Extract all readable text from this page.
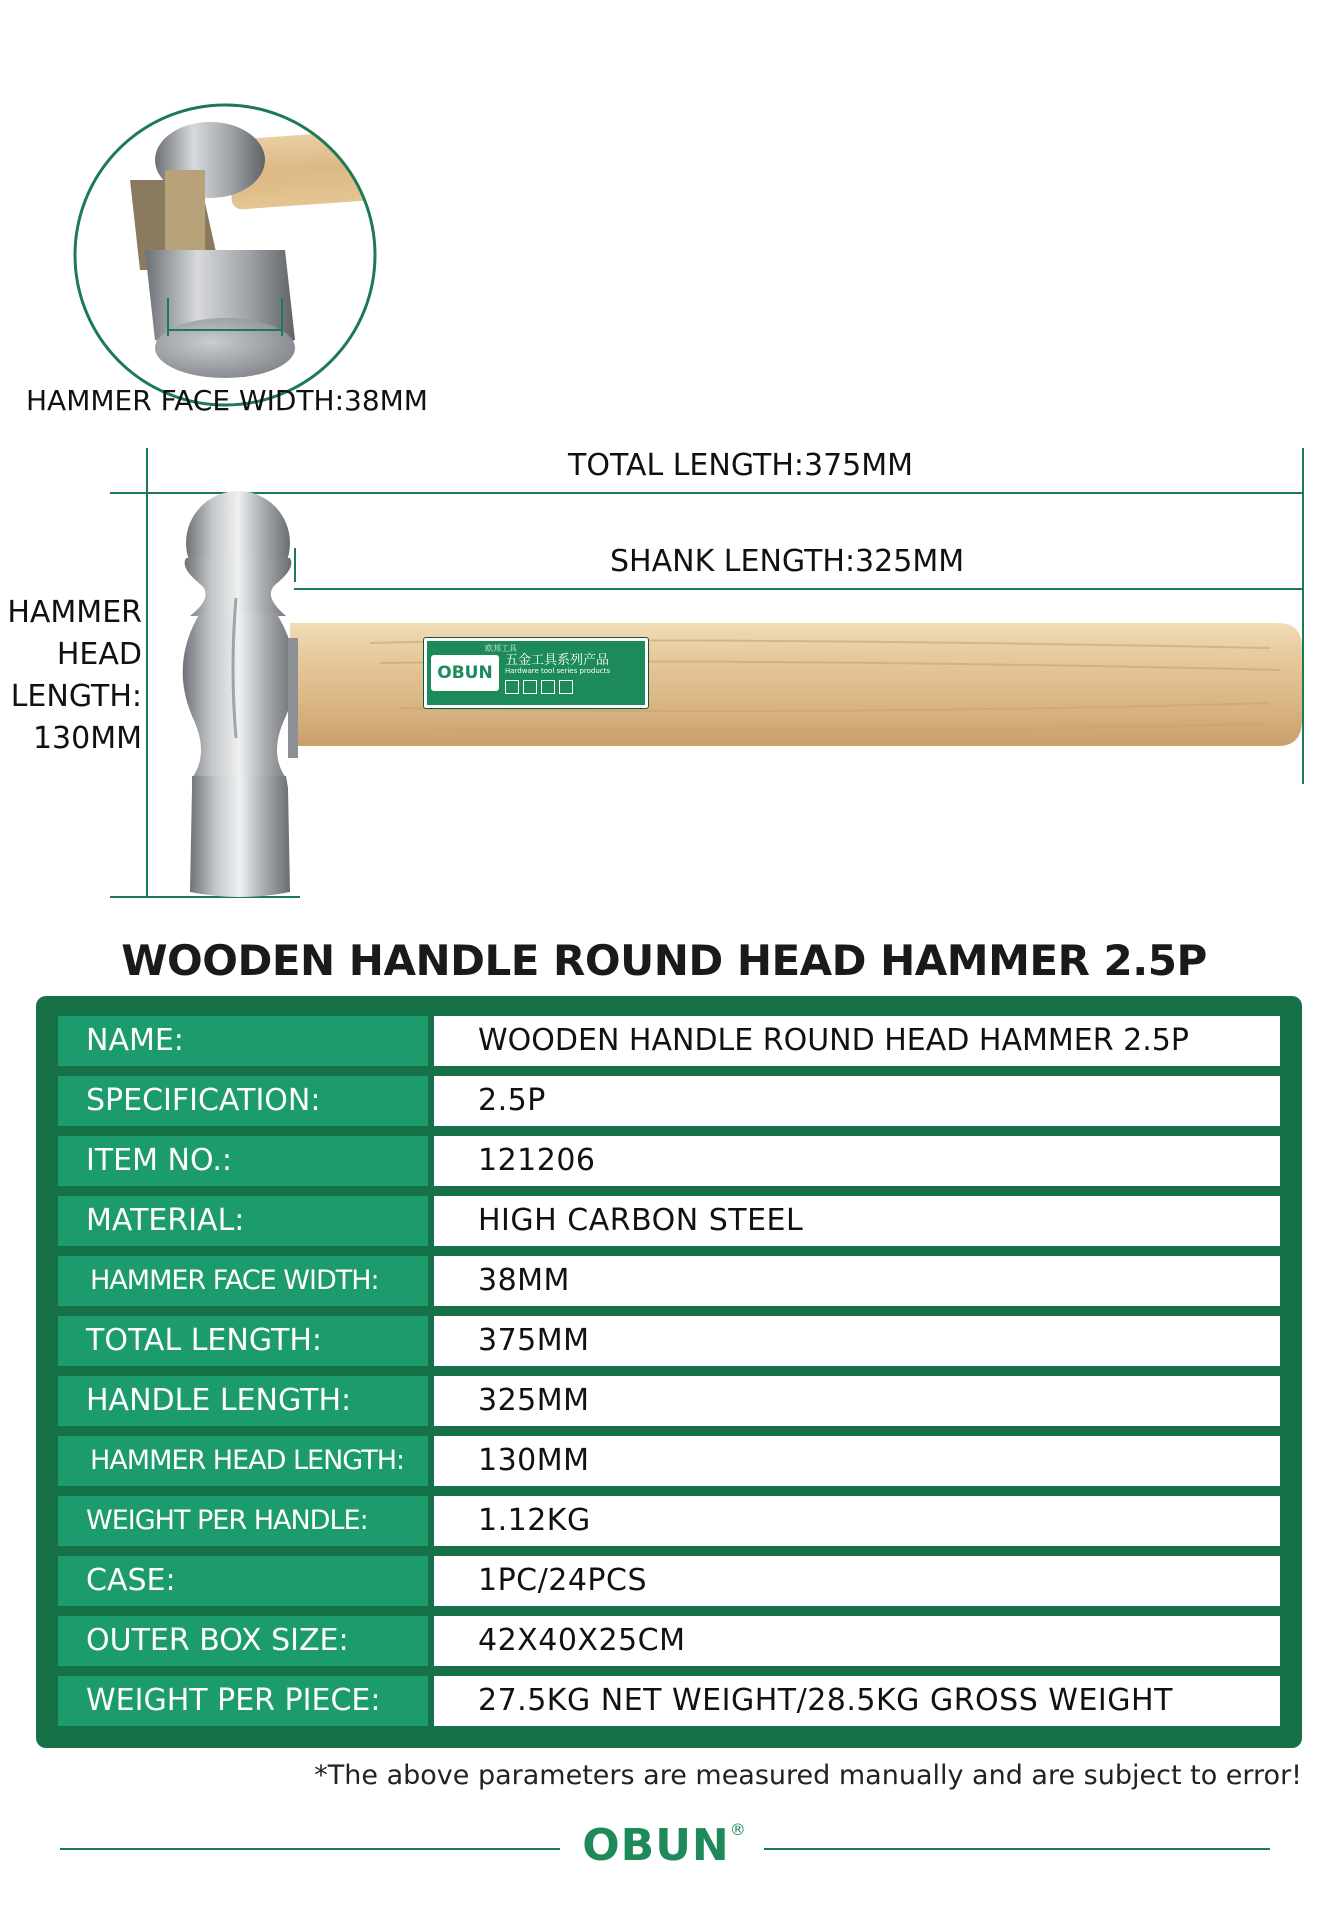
HAMMER FACE WIDTH:38MM
TOTAL LENGTH:375MM
SHANK LENGTH:325MM
HAMMER
HEAD
LENGTH:
130MM
OBUN
欧邦工具
五金工具系列产品
Hardware tool series products
WOODEN HANDLE ROUND HEAD HAMMER 2.5P
NAME:	WOODEN HANDLE ROUND HEAD HAMMER 2.5P
SPECIFICATION:	2.5P
ITEM NO.:	121206
MATERIAL:	HIGH CARBON STEEL
HAMMER FACE WIDTH:	38MM
TOTAL LENGTH:	375MM
HANDLE LENGTH:	325MM
HAMMER HEAD LENGTH:	130MM
WEIGHT PER HANDLE:	1.12KG
CASE:	1PC/24PCS
OUTER BOX SIZE:	42X40X25CM
WEIGHT PER PIECE:	27.5KG NET WEIGHT/28.5KG GROSS WEIGHT
*The above parameters are measured manually and are subject to error!
OBUN®
